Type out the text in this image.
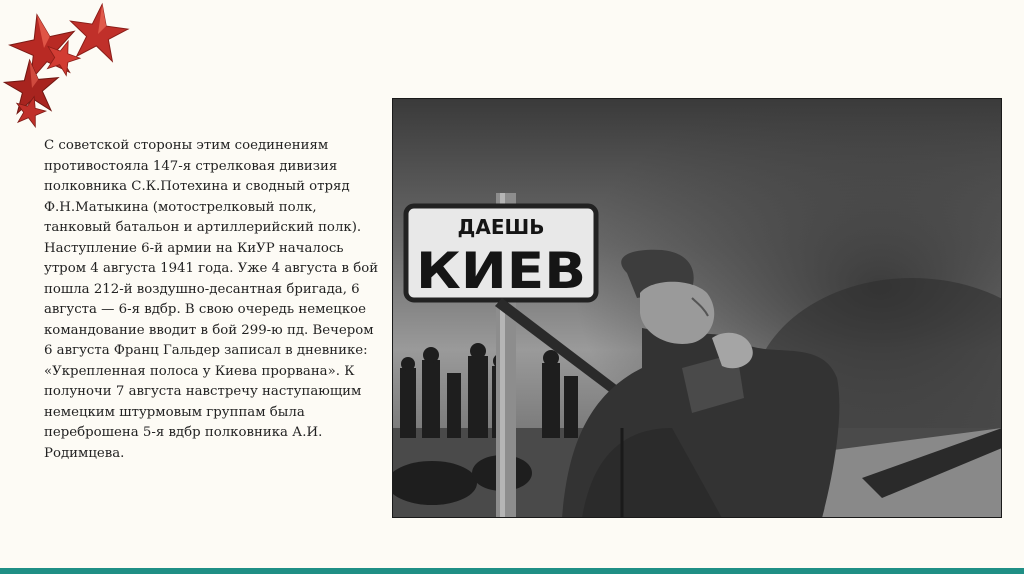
С советской стороны этим соединениям противостояла 147-я стрелковая дивизия полковника С.К.Потехина и сводный отряд Ф.Н.Матыкина (мотострелковый полк, танковый батальон и артиллерийский полк). Наступление 6-й армии на КиУР началось утром 4 августа 1941 года. Уже 4 августа в бой пошла 212-й воздушно-десантная бригада, 6 августа — 6-я вдбр. В свою очередь немецкое командование вводит в бой 299-ю пд. Вечером 6 августа Франц Гальдер записал в дневнике: «Укрепленная полоса у Киева прорвана». К полуночи 7 августа навстречу наступающим немецким штурмовым группам была переброшена 5-я вдбр полковника А.И. Родимцева.

ДАЕШЬ
КИЕВ
